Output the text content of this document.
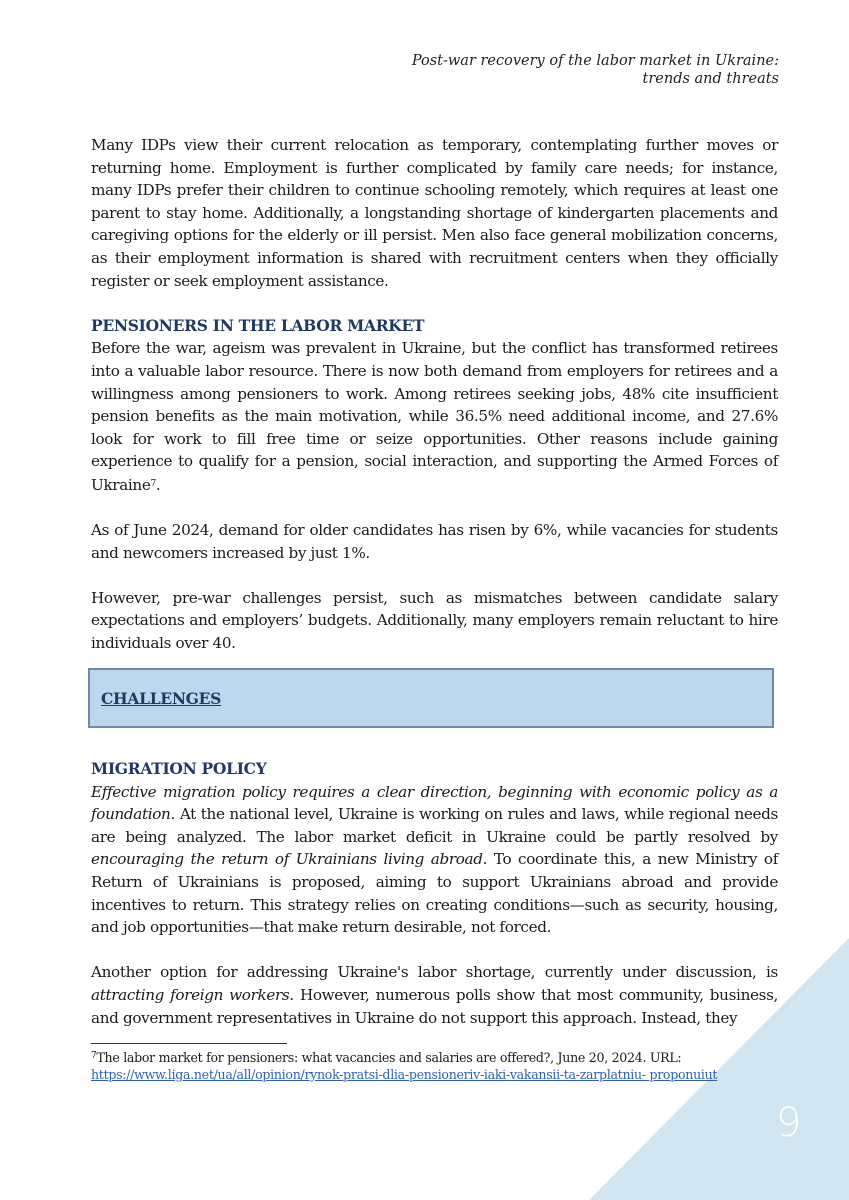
Post-war recovery of the labor market in Ukraine:
trends and threats

Many IDPs view their current relocation as temporary, contemplating further moves or returning home. Employment is further complicated by family care needs; for instance, many IDPs prefer their children to continue schooling remotely, which requires at least one parent to stay home. Additionally, a longstanding shortage of kindergarten placements and caregiving options for the elderly or ill persist. Men also face general mobilization concerns, as their employment information is shared with recruitment centers when they officially register or seek employment assistance.

PENSIONERS IN THE LABOR MARKET

Before the war, ageism was prevalent in Ukraine, but the conflict has transformed retirees into a valuable labor resource. There is now both demand from employers for retirees and a willingness among pensioners to work. Among retirees seeking jobs, 48% cite insufficient pension benefits as the main motivation, while 36.5% need additional income, and 27.6% look for work to fill free time or seize opportunities. Other reasons include gaining experience to qualify for a pension, social interaction, and supporting the Armed Forces of Ukraine$^7$.

As of June 2024, demand for older candidates has risen by 6%, while vacancies for students and newcomers increased by just 1%.

However, pre-war challenges persist, such as mismatches between candidate salary expectations and employers’ budgets. Additionally, many employers remain reluctant to hire individuals over 40.

CHALLENGES
MIGRATION POLICY

Effective migration policy requires a clear direction, beginning with economic policy as a foundation. At the national level, Ukraine is working on rules and laws, while regional needs are being analyzed. The labor market deficit in Ukraine could be partly resolved by encouraging the return of Ukrainians living abroad. To coordinate this, a new Ministry of Return of Ukrainians is proposed, aiming to support Ukrainians abroad and provide incentives to return. This strategy relies on creating conditions—such as security, housing, and job opportunities—that make return desirable, not forced.

Another option for addressing Ukraine's labor shortage, currently under discussion, is attracting foreign workers. However, numerous polls show that most community, business, and government representatives in Ukraine do not support this approach. Instead, they

$^7$The labor market for pensioners: what vacancies and salaries are offered?, June 20, 2024. URL:
https://www.liga.net/ua/all/opinion/rynok-pratsi-dlia-pensioneriv-iaki-vakansii-ta-zarplatniu- proponuiut
9
